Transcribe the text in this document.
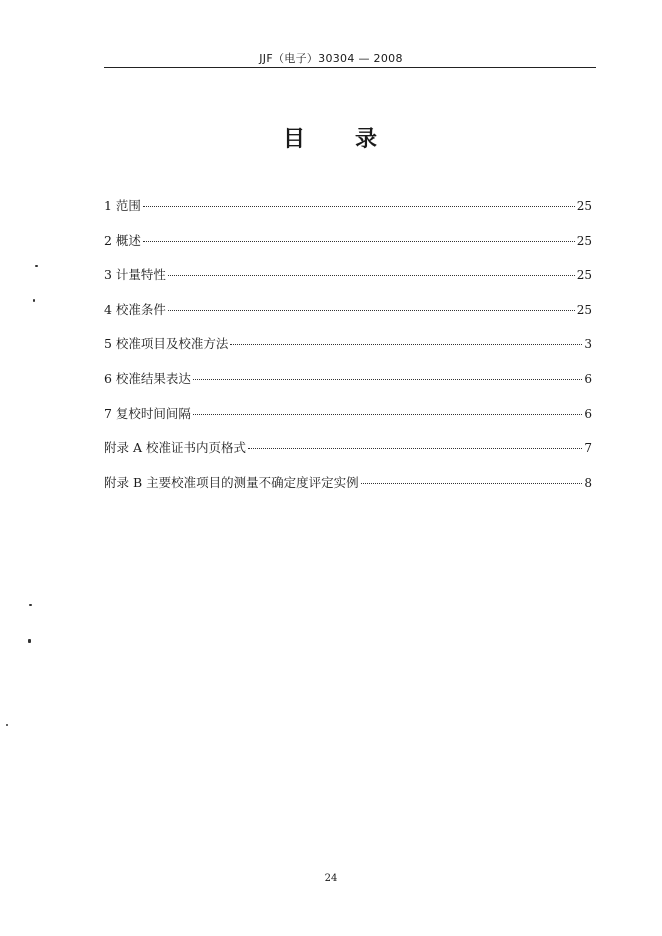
JJF（电子）30304 — 2008
目 录
1 范围	25
2 概述	25
3 计量特性	25
4 校准条件	25
5 校准项目及校准方法	3
6 校准结果表达	6
7 复校时间间隔	6
附录 A 校准证书内页格式	7
附录 B 主要校准项目的测量不确定度评定实例	8
24
